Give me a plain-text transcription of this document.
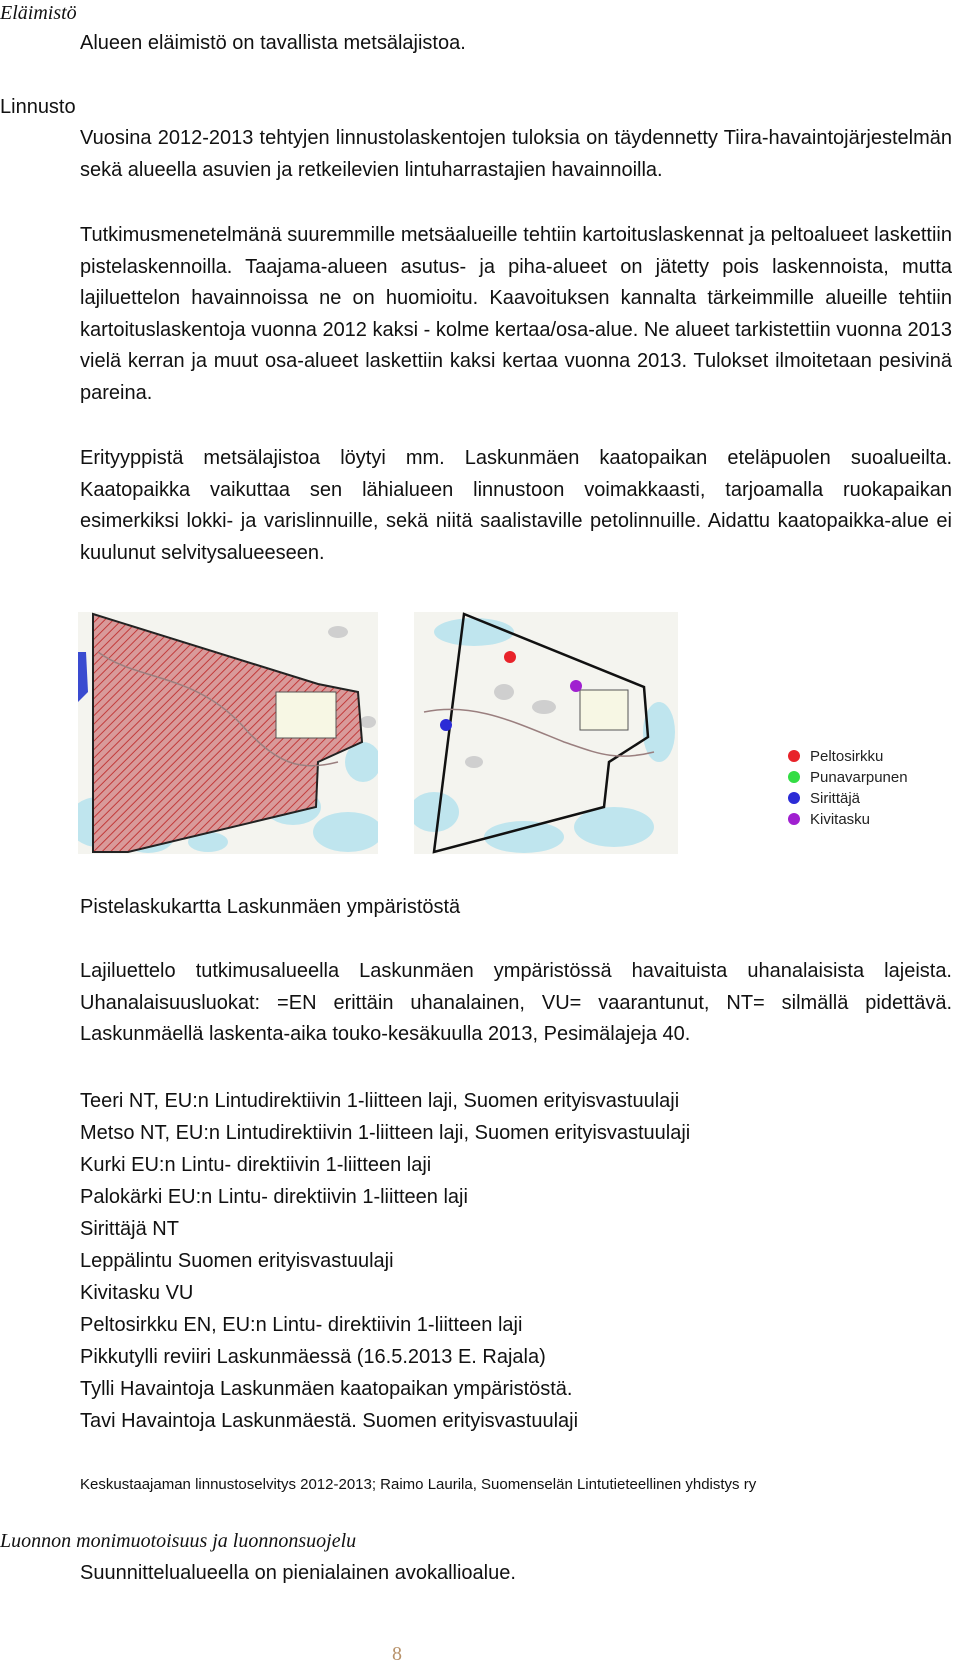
Eläimistö
Alueen eläimistö on tavallista metsälajistoa.
Linnusto

Vuosina 2012-2013 tehtyjen linnustolaskentojen tuloksia on täydennetty Tiira-havaintojärjestelmän sekä alueella asuvien ja retkeilevien lintuharrastajien havainnoilla.

Tutkimusmenetelmänä suuremmille metsäalueille tehtiin kartoituslaskennat ja peltoalueet laskettiin pistelaskennoilla. Taajama-alueen asutus- ja piha-alueet on jätetty pois laskennoista, mutta lajiluettelon havainnoissa ne on huomioitu. Kaavoituksen kannalta tärkeimmille alueille tehtiin kartoituslaskentoja vuonna 2012 kaksi - kolme kertaa/osa-alue. Ne alueet tarkistettiin vuonna 2013 vielä kerran ja muut osa-alueet laskettiin kaksi kertaa vuonna 2013. Tulokset ilmoitetaan pesivinä pareina.

Erityyppistä metsälajistoa löytyi mm. Laskunmäen kaatopaikan eteläpuolen suoalueilta. Kaatopaikka vaikuttaa sen lähialueen linnustoon voimakkaasti, tarjoamalla ruokapaikan esimerkiksi lokki- ja varislinnuille, sekä niitä saalistaville petolinnuille. Aidattu kaatopaikka-alue ei kuulunut selvitysalueeseen.

Peltosirkku
Punavarpunen
Sirittäjä
Kivitasku
Pistelaskukartta Laskunmäen ympäristöstä

Lajiluettelo tutkimusalueella Laskunmäen ympäristössä havaituista uhanalaisista lajeista. Uhanalaisuusluokat: =EN erittäin uhanalainen, VU= vaarantunut, NT= silmällä pidettävä. Laskunmäellä laskenta-aika touko-kesäkuulla 2013, Pesimälajeja 40.

Teeri NT, EU:n Lintudirektiivin 1-liitteen laji, Suomen erityisvastuulaji
Metso NT, EU:n Lintudirektiivin 1-liitteen laji, Suomen erityisvastuulaji
Kurki EU:n Lintu- direktiivin 1-liitteen laji
Palokärki EU:n Lintu- direktiivin 1-liitteen laji
Sirittäjä NT
Leppälintu Suomen erityisvastuulaji
Kivitasku VU
Peltosirkku EN, EU:n Lintu- direktiivin 1-liitteen laji
Pikkutylli reviiri Laskunmäessä (16.5.2013 E. Rajala)
Tylli Havaintoja Laskunmäen kaatopaikan ympäristöstä.
Tavi Havaintoja Laskunmäestä. Suomen erityisvastuulaji
Keskustaajaman linnustoselvitys 2012-2013; Raimo Laurila, Suomenselän Lintutieteellinen yhdistys ry
Luonnon monimuotoisuus ja luonnonsuojelu
Suunnittelualueella on pienialainen avokallioalue.
8
